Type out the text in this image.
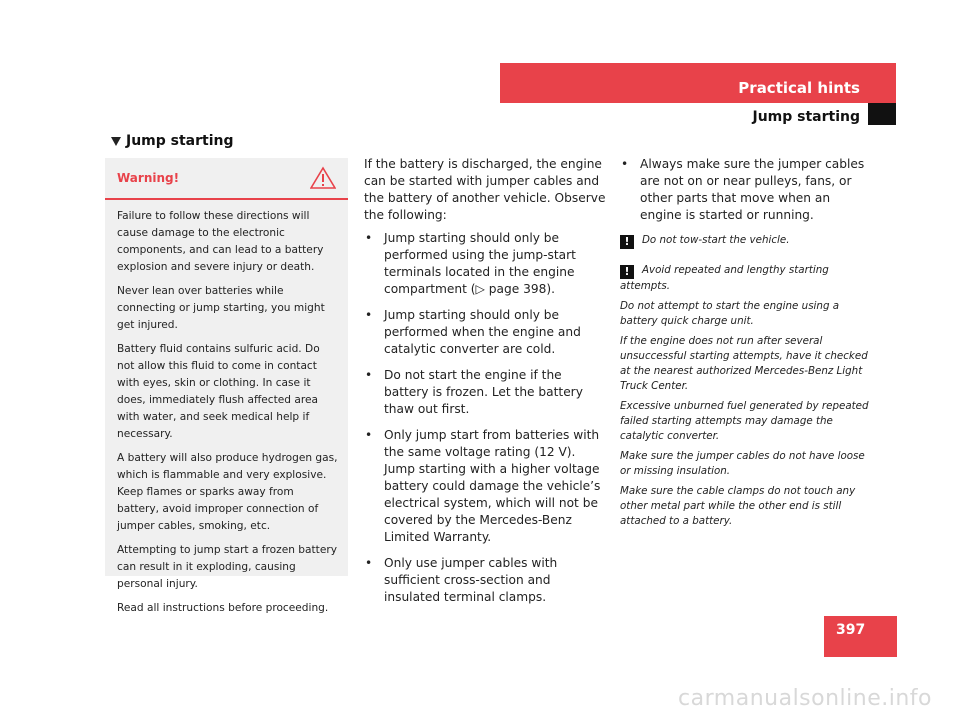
Practical hints
Jump starting
Jump starting
Warning!

Failure to follow these directions will cause damage to the electronic components, and can lead to a battery explosion and severe injury or death.

Never lean over batteries while connecting or jump starting, you might get injured.

Battery fluid contains sulfuric acid. Do not allow this fluid to come in contact with eyes, skin or clothing. In case it does, immediately flush affected area with water, and seek medical help if necessary.

A battery will also produce hydrogen gas, which is flammable and very explosive. Keep flames or sparks away from battery, avoid improper connection of jumper cables, smoking, etc.

Attempting to jump start a frozen battery can result in it exploding, causing personal injury.

Read all instructions before proceeding.

If the battery is discharged, the engine can be started with jumper cables and the battery of another vehicle. Observe the following:

• Jump starting should only be performed using the jump-start terminals located in the engine compartment (▷ page 398).
• Jump starting should only be performed when the engine and catalytic converter are cold.
• Do not start the engine if the battery is frozen. Let the battery thaw out first.
• Only jump start from batteries with the same voltage rating (12 V). Jump starting with a higher voltage battery could damage the vehicle’s electrical system, which will not be covered by the Mercedes-Benz Limited Warranty.
• Only use jumper cables with sufficient cross-section and insulated terminal clamps.
• Always make sure the jumper cables are not on or near pulleys, fans, or other parts that move when an engine is started or running.

! Do not tow-start the vehicle.

! Avoid repeated and lengthy starting attempts.

Do not attempt to start the engine using a battery quick charge unit.

If the engine does not run after several unsuccessful starting attempts, have it checked at the nearest authorized Mercedes-Benz Light Truck Center.

Excessive unburned fuel generated by repeated failed starting attempts may damage the catalytic converter.

Make sure the jumper cables do not have loose or missing insulation.

Make sure the cable clamps do not touch any other metal part while the other end is still attached to a battery.

397
carmanualsonline.info
